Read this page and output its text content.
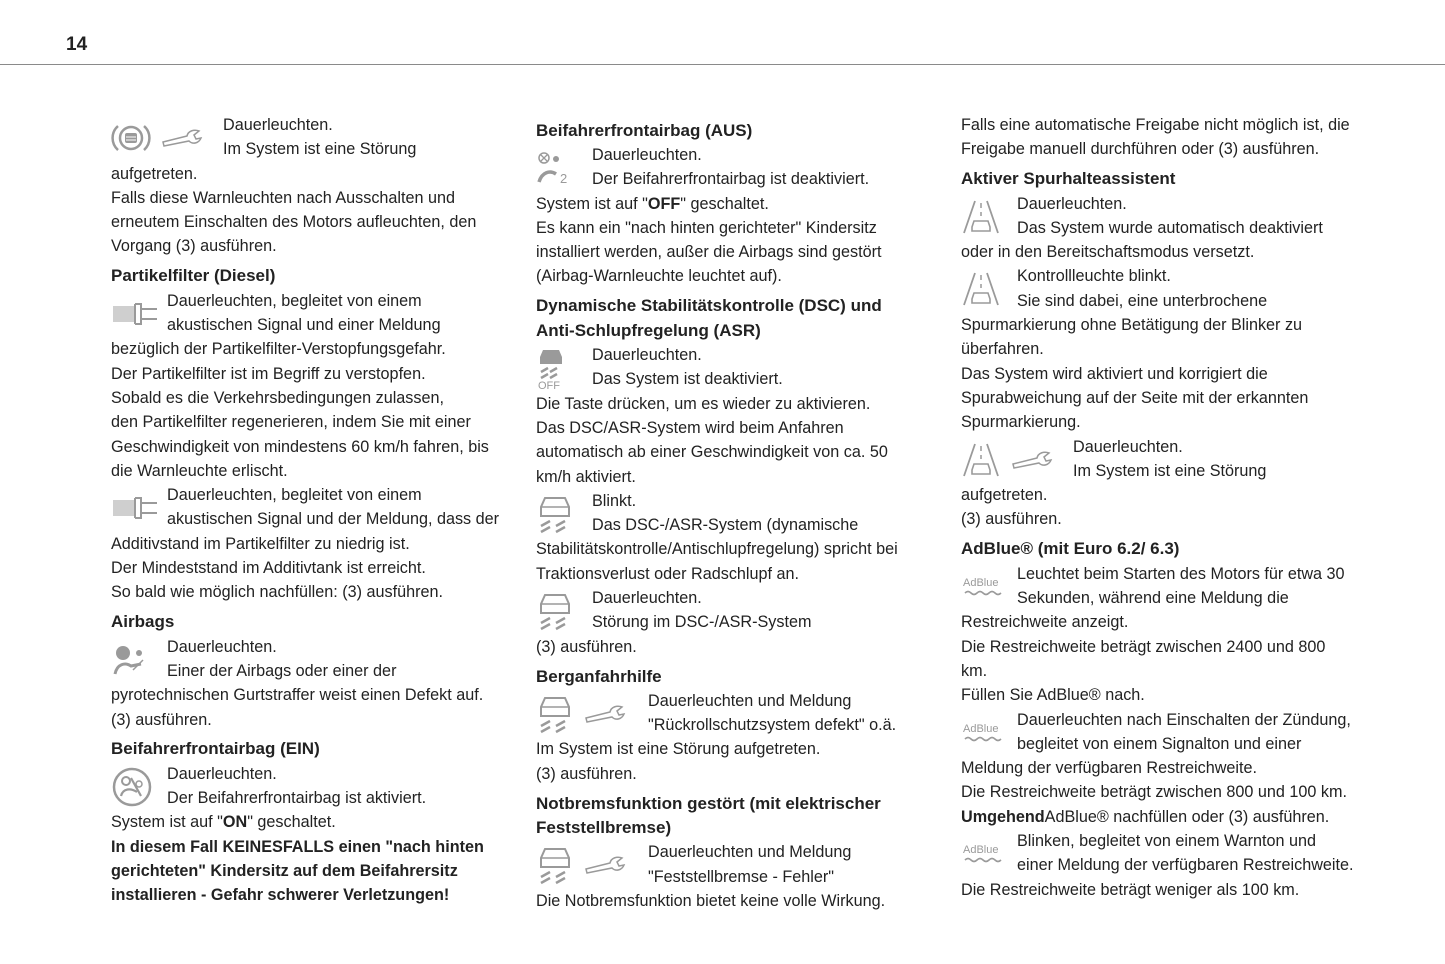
14
Dauerleuchten.
Im System ist eine Störung
aufgetreten.
Falls diese Warnleuchten nach Ausschalten und
erneutem Einschalten des Motors aufleuchten, den
Vorgang (3) ausführen.
Partikelfilter (Diesel)
Dauerleuchten, begleitet von einem
akustischen Signal und einer Meldung
bezüglich der Partikelfilter-Verstopfungsgefahr.
Der Partikelfilter ist im Begriff zu verstopfen.
Sobald es die Verkehrsbedingungen zulassen,
den Partikelfilter regenerieren, indem Sie mit einer
Geschwindigkeit von mindestens 60 km/h fahren, bis
die Warnleuchte erlischt.
Dauerleuchten, begleitet von einem
akustischen Signal und der Meldung, dass der
Additivstand im Partikelfilter zu niedrig ist.
Der Mindeststand im Additivtank ist erreicht.
So bald wie möglich nachfüllen: (3) ausführen.
Airbags
Dauerleuchten.
Einer der Airbags oder einer der
pyrotechnischen Gurtstraffer weist einen Defekt auf.
(3) ausführen.
Beifahrerfrontairbag (EIN)
Dauerleuchten.
Der Beifahrerfrontairbag ist aktiviert.
System ist auf "ON" geschaltet.
In diesem Fall KEINESFALLS einen "nach hinten
gerichteten" Kindersitz auf dem Beifahrersitz
installieren - Gefahr schwerer Verletzungen!
Beifahrerfrontairbag (AUS)
2
Dauerleuchten.
Der Beifahrerfrontairbag ist deaktiviert.
System ist auf "OFF" geschaltet.
Es kann ein "nach hinten gerichteter" Kindersitz
installiert werden, außer die Airbags sind gestört
(Airbag-Warnleuchte leuchtet auf).
Dynamische Stabilitätskontrolle (DSC) und
Anti-Schlupfregelung (ASR)
OFF
Dauerleuchten.
Das System ist deaktiviert.
Die Taste drücken, um es wieder zu aktivieren.
Das DSC/ASR-System wird beim Anfahren
automatisch ab einer Geschwindigkeit von ca. 50
km/h aktiviert.
Blinkt.
Das DSC-/ASR-System (dynamische
Stabilitätskontrolle/Antischlupfregelung) spricht bei
Traktionsverlust oder Radschlupf an.
Dauerleuchten.
Störung im DSC-/ASR-System
(3) ausführen.
Berganfahrhilfe
Dauerleuchten und Meldung
"Rückrollschutzsystem defekt" o.ä.
Im System ist eine Störung aufgetreten.
(3) ausführen.
Notbremsfunktion gestört (mit elektrischer
Feststellbremse)
Dauerleuchten und Meldung
"Feststellbremse - Fehler"
Die Notbremsfunktion bietet keine volle Wirkung.
Falls eine automatische Freigabe nicht möglich ist, die
Freigabe manuell durchführen oder (3) ausführen.
Aktiver Spurhalteassistent
Dauerleuchten.
Das System wurde automatisch deaktiviert
oder in den Bereitschaftsmodus versetzt.
Kontrollleuchte blinkt.
Sie sind dabei, eine unterbrochene
Spurmarkierung ohne Betätigung der Blinker zu
überfahren.
Das System wird aktiviert und korrigiert die
Spurabweichung auf der Seite mit der erkannten
Spurmarkierung.
Dauerleuchten.
Im System ist eine Störung
aufgetreten.
(3) ausführen.
AdBlue® (mit Euro 6.2/ 6.3)
AdBlue	Leuchtet beim Starten des Motors für etwa 30
Sekunden, während eine Meldung die
Restreichweite anzeigt.
Die Restreichweite beträgt zwischen 2400 und 800
km.
Füllen Sie AdBlue® nach.
AdBlue	Dauerleuchten nach Einschalten der Zündung,
begleitet von einem Signalton und einer
Meldung der verfügbaren Restreichweite.
Die Restreichweite beträgt zwischen 800 und 100 km.
UmgehendAdBlue® nachfüllen oder (3) ausführen.
AdBlue	Blinken, begleitet von einem Warnton und
einer Meldung der verfügbaren Restreichweite.
Die Restreichweite beträgt weniger als 100 km.
